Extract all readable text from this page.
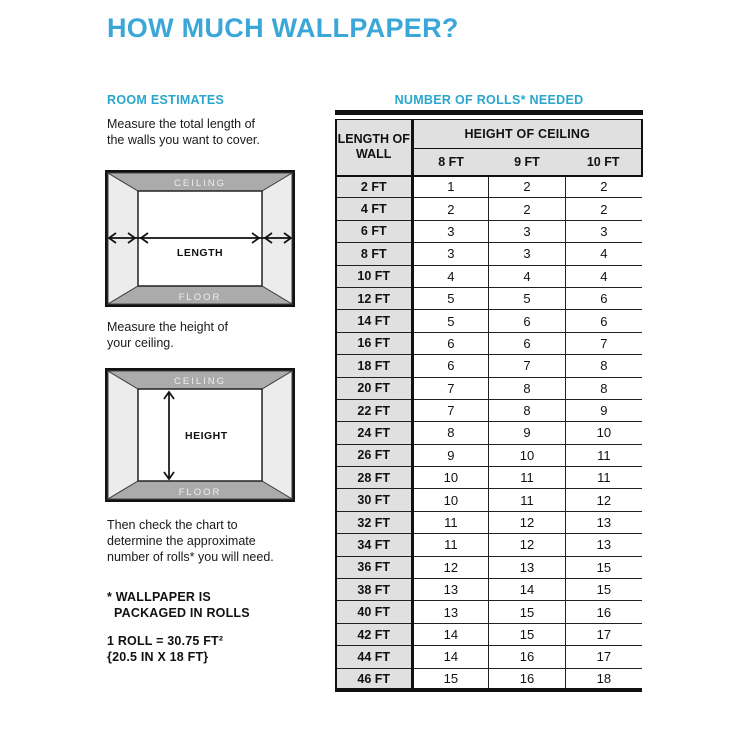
HOW MUCH WALLPAPER?
ROOM ESTIMATES
Measure the total length of
the walls you want to cover.
CEILING
FLOOR
LENGTH
Measure the height of
your ceiling.
CEILING
FLOOR
HEIGHT
Then check the chart to
determine the approximate
number of rolls* you will need.
* WALLPAPER IS
PACKAGED IN ROLLS
1 ROLL = 30.75 FT²
{20.5 IN X 18 FT}
NUMBER OF ROLLS* NEEDED
LENGTH OF WALL	HEIGHT OF CEILING		
	8 FT	9 FT	10 FT
2 FT	1	2	2
4 FT	2	2	2
6 FT	3	3	3
8 FT	3	3	4
10 FT	4	4	4
12 FT	5	5	6
14 FT	5	6	6
16 FT	6	6	7
18 FT	6	7	8
20 FT	7	8	8
22 FT	7	8	9
24 FT	8	9	10
26 FT	9	10	11
28 FT	10	11	11
30 FT	10	11	12
32 FT	11	12	13
34 FT	11	12	13
36 FT	12	13	15
38 FT	13	14	15
40 FT	13	15	16
42 FT	14	15	17
44 FT	14	16	17
46 FT	15	16	18
